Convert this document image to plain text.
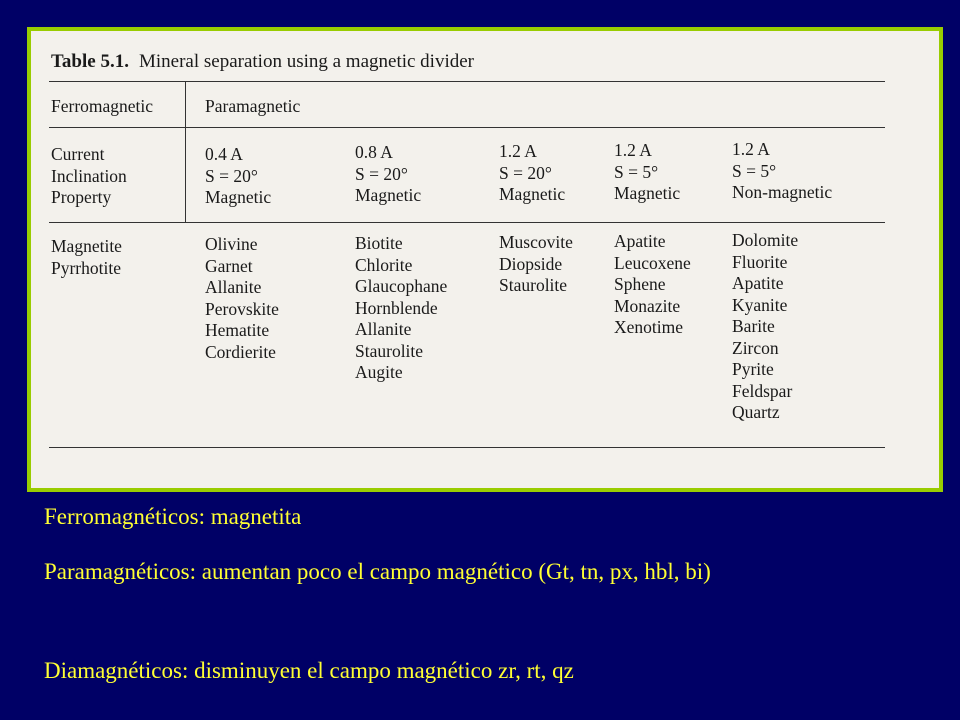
Table 5.1. Mineral separation using a magnetic divider
Ferromagnetic	Paramagnetic
Current
Inclination
Property
0.4 A
S = 20°
Magnetic
0.8 A
S = 20°
Magnetic
1.2 A
S = 20°
Magnetic
1.2 A
S = 5°
Magnetic
1.2 A
S = 5°
Non-magnetic
Magnetite
Pyrrhotite
Olivine
Garnet
Allanite
Perovskite
Hematite
Cordierite
Biotite
Chlorite
Glaucophane
Hornblende
Allanite
Staurolite
Augite
Muscovite
Diopside
Staurolite
Apatite
Leucoxene
Sphene
Monazite
Xenotime
Dolomite
Fluorite
Apatite
Kyanite
Barite
Zircon
Pyrite
Feldspar
Quartz
Ferromagnéticos: magnetita
Paramagnéticos: aumentan poco el campo magnético (Gt, tn, px, hbl, bi)
Diamagnéticos: disminuyen el campo magnético zr, rt, qz
